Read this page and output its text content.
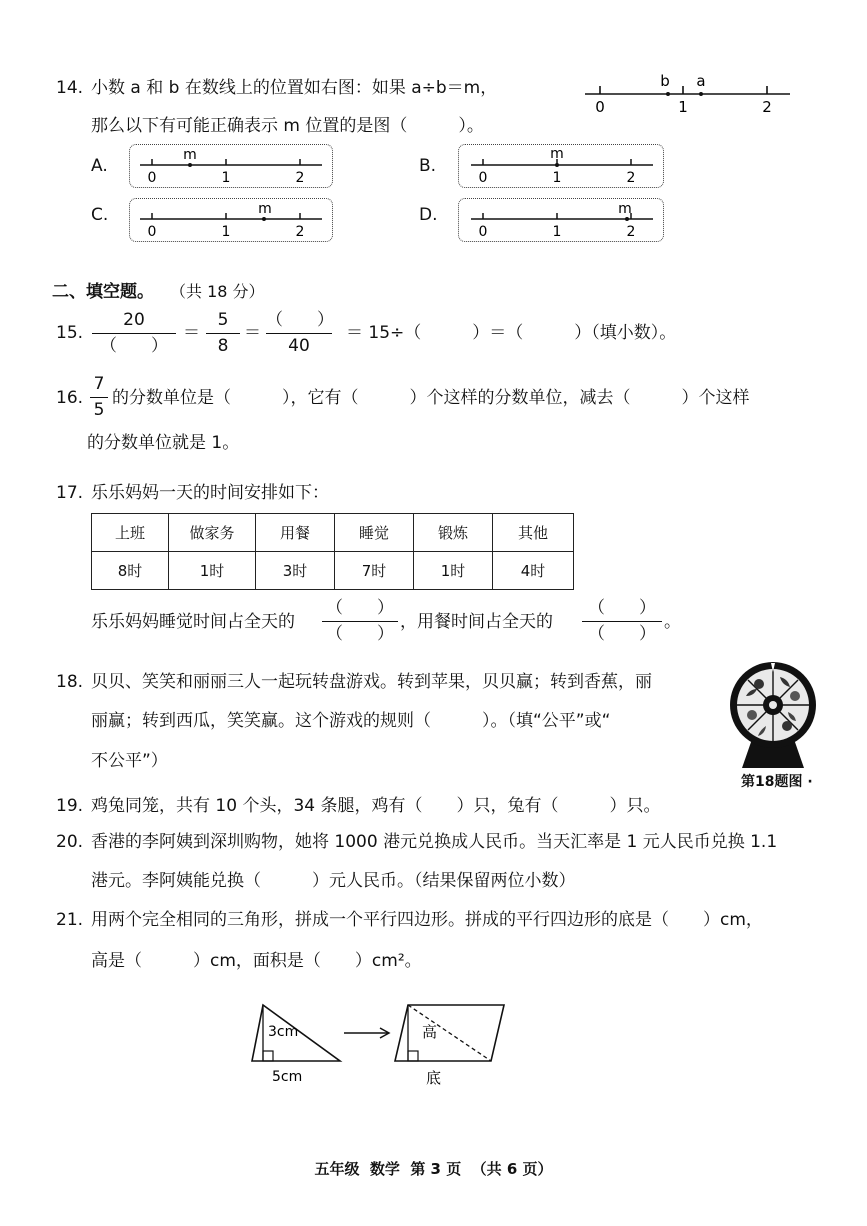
14. 小数 a 和 b 在数线上的位置如右图：如果 a÷b＝m，
那么以下有可能正确表示 m 位置的是图（　　　）。
b a
0	1	2
A.
m
0	1	2
B.
m
0	1	2
C.	m
0	1	2
D.	m
0	1	2
二、填空题。 （共 18 分）
15.
20
（　　）
＝
5
8
＝
（　　）
40
＝ 15÷（　　　）＝（　　　）（填小数）。
16.
7
5
的分数单位是（　　　），它有（　　　）个这样的分数单位，减去（　　　）个这样
的分数单位就是 1。
17. 乐乐妈妈一天的时间安排如下：
上班	做家务	用餐	睡觉	锻炼	其他
8时	1时	3时	7时	1时	4时
乐乐妈妈睡觉时间占全天的
（　　）
（　　）
，用餐时间占全天的
（　　）
（　　）
。
18. 贝贝、笑笑和丽丽三人一起玩转盘游戏。转到苹果，贝贝赢；转到香蕉，丽
丽赢；转到西瓜，笑笑赢。这个游戏的规则（　　　）。（填“公平”或“
不公平”）
第18题图 ·
19. 鸡兔同笼，共有 10 个头，34 条腿，鸡有（　　）只，兔有（　　　）只。
20. 香港的李阿姨到深圳购物，她将 1000 港元兑换成人民币。当天汇率是 1 元人民币兑换 1.1
港元。李阿姨能兑换（　　　）元人民币。（结果保留两位小数）
21. 用两个完全相同的三角形，拼成一个平行四边形。拼成的平行四边形的底是（　　）cm，
高是（　　　）cm，面积是（　　）cm²。
3cm
5cm
高
底
五年级  数学  第 3 页  （共 6 页）
